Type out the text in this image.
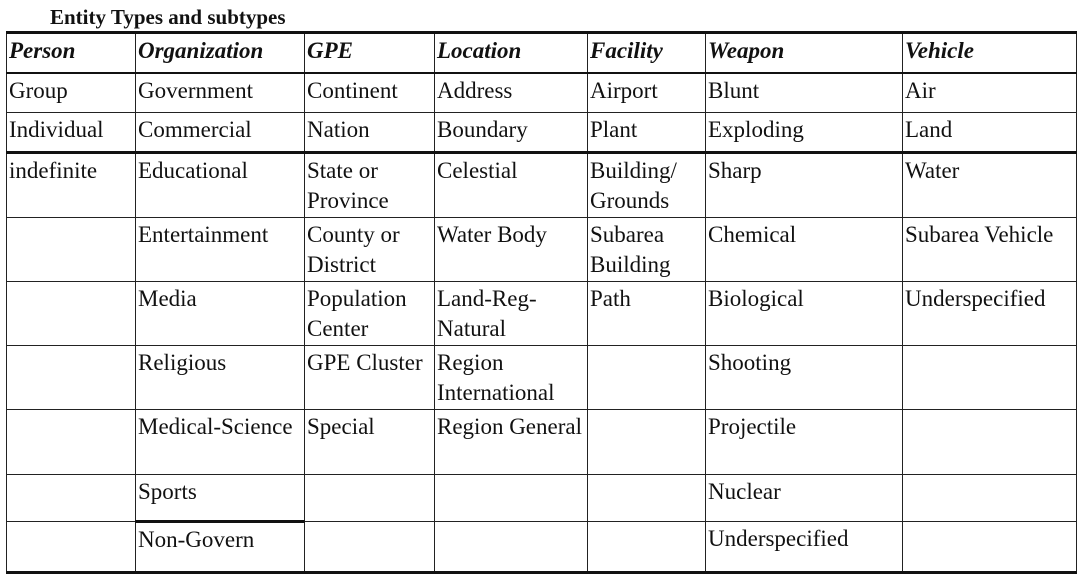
Entity Types and subtypes
Person	Organization	GPE	Location	Facility	Weapon	Vehicle
Group	Government	Continent	Address	Airport	Blunt	Air
Individual	Commercial	Nation	Boundary	Plant	Exploding	Land
indefinite	Educational	State or Province	Celestial	Building/ Grounds	Sharp	Water
	Entertainment	County or District	Water Body	Subarea Building	Chemical	Subarea Vehicle
	Media	Population Center	Land-Reg-Natural	Path	Biological	Underspecified
	Religious	GPE Cluster	Region International		Shooting	
	Medical-Science	Special	Region General		Projectile	
	Sports				Nuclear	
	Non-Govern				Underspecified	
